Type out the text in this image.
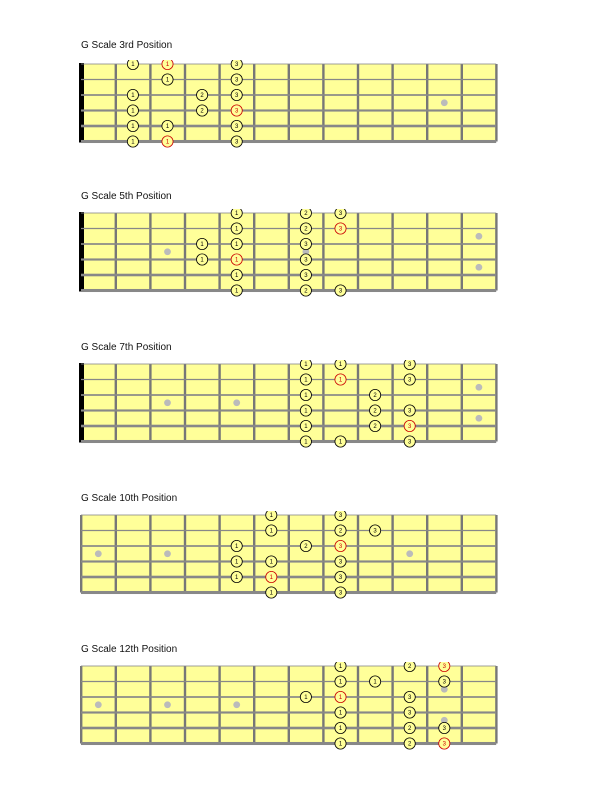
G Scale 3rd Position
1	1	3
1	3
1	2	3
1	2	3
1	1	3
1	1	3
G Scale 5th Position
1	2	3
1	2	3
1	1	3
1	1	3
1	3
1	2	3
G Scale 7th Position
1	1	3
1	1	3
1	2
1	2	3
1	2	3
1	1	3
G Scale 10th Position
1	3
1	2	3
1	2	3
1	1	3
1	1	3
1	3
G Scale 12th Position
1	2	3
1	1	3
1	1	3
1	3
1	2	3
1	2	3
